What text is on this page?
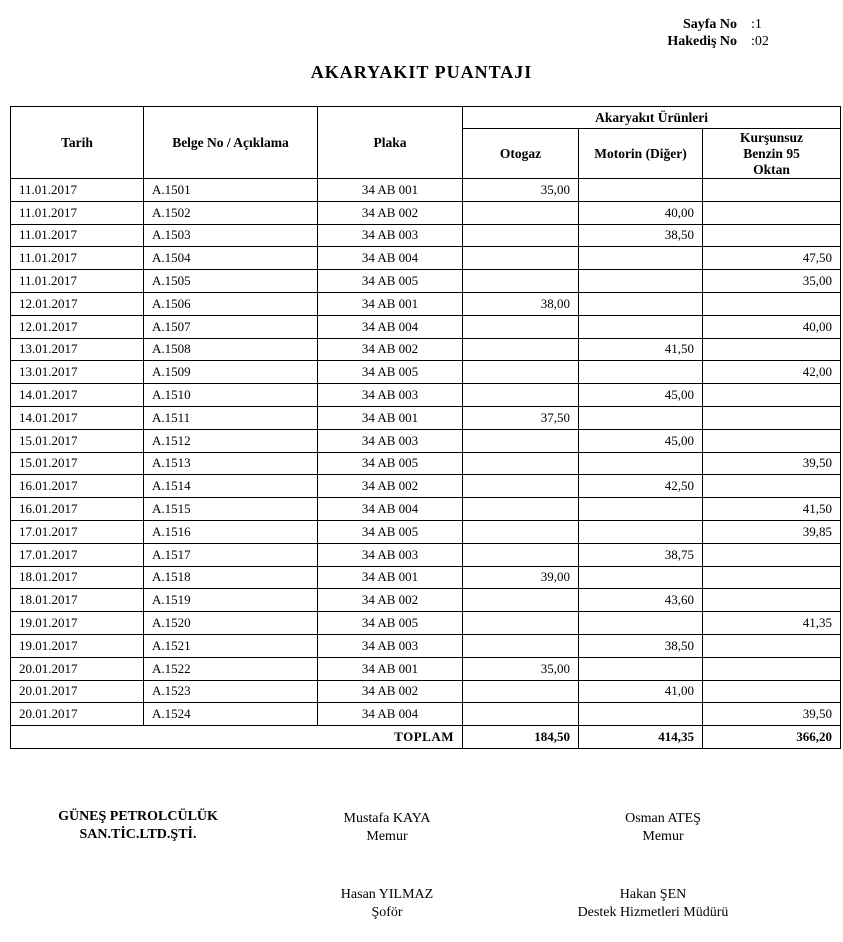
Sayfa No :1
Hakediş No :02
AKARYAKIT PUANTAJI
Tarih	Belge No / Açıklama	Plaka	Akaryakıt Ürünleri		
			Otogaz	Motorin (Diğer)	Kurşunsuz Benzin 95 Oktan
11.01.2017	A.1501	34 AB 001	35,00		
11.01.2017	A.1502	34 AB 002		40,00	
11.01.2017	A.1503	34 AB 003		38,50	
11.01.2017	A.1504	34 AB 004			47,50
11.01.2017	A.1505	34 AB 005			35,00
12.01.2017	A.1506	34 AB 001	38,00		
12.01.2017	A.1507	34 AB 004			40,00
13.01.2017	A.1508	34 AB 002		41,50	
13.01.2017	A.1509	34 AB 005			42,00
14.01.2017	A.1510	34 AB 003		45,00	
14.01.2017	A.1511	34 AB 001	37,50		
15.01.2017	A.1512	34 AB 003		45,00	
15.01.2017	A.1513	34 AB 005			39,50
16.01.2017	A.1514	34 AB 002		42,50	
16.01.2017	A.1515	34 AB 004			41,50
17.01.2017	A.1516	34 AB 005			39,85
17.01.2017	A.1517	34 AB 003		38,75	
18.01.2017	A.1518	34 AB 001	39,00		
18.01.2017	A.1519	34 AB 002		43,60	
19.01.2017	A.1520	34 AB 005			41,35
19.01.2017	A.1521	34 AB 003		38,50	
20.01.2017	A.1522	34 AB 001	35,00		
20.01.2017	A.1523	34 AB 002		41,00	
20.01.2017	A.1524	34 AB 004			39,50
TOPLAM			184,50	414,35	366,20
GÜNEŞ PETROLCÜLÜK
SAN.TİC.LTD.ŞTİ.
Mustafa KAYA
Memur
Osman ATEŞ
Memur
Hasan YILMAZ
Şoför
Hakan ŞEN
Destek Hizmetleri Müdürü
